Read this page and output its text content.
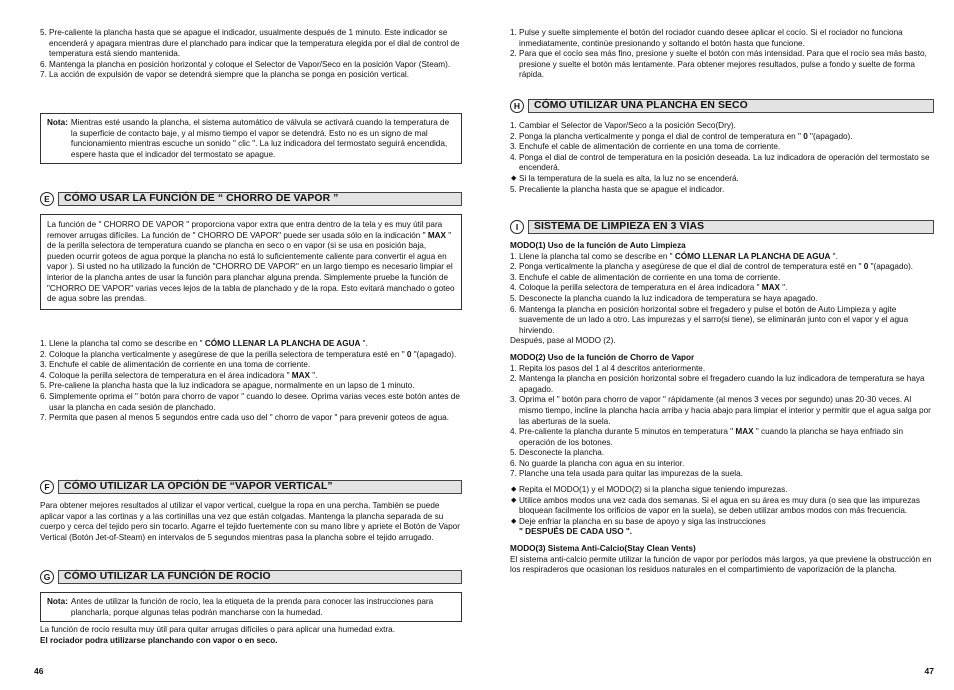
5. Pre-caliente la plancha hasta que se apague el indicador, usualmente después de 1 minuto. Este indicador se encenderá y apagara mientras dure el planchado para indicar que la temperatura elegida por el dial de control de temperatura está siendo mantenida.
6. Mantenga la plancha en posición horizontal y coloque el Selector de Vapor/Seco en la posición Vapor (Steam).
7. La acción de expulsión de vapor se detendrá siempre que la plancha se ponga en posición vertical.
Nota: Mientras esté usando la plancha, el sistema automático de válvula se activará cuando la temperatura de la superficie de contacto baje, y al mismo tiempo el vapor se detendrá. Esto no es un signo de mal funcionamiento mientras escuche un sonido " clic ". La luz indicadora del termostato seguirá encendida, espere hasta que el indicador del termostato se apague.
E	CÓMO USAR LA FUNCIÓN DE “ CHORRO DE VAPOR ”
La función de " CHORRO DE VAPOR " proporciona vapor extra que entra dentro de la tela y es muy útil para remover arrugas difíciles. La función de " CHORRO DE VAPOR" puede ser usada sólo en la indicación " MAX " de la perilla selectora de temperatura cuando se plancha en seco o en vapor (si se usa en posición baja, pueden ocurrir goteos de agua porque la plancha no está lo suficientemente caliente para convertir el agua en vapor ). Si usted no ha utilizado la función de "CHORRO DE VAPOR" en un largo tiempo es necesario limpiar el interior de la plancha antes de usar la función para planchar alguna prenda. Simplemente pruebe la función de "CHORRO DE VAPOR" varias veces lejos de la tabla de planchado y de la ropa. Esto evitará manchado o goteo de agua sobre las prendas.
1. Llene la plancha tal como se describe en " CÓMO LLENAR LA PLANCHA DE AGUA ".
2. Coloque la plancha verticalmente y asegúrese de que la perilla selectora de temperatura esté en " 0 "(apagado).
3. Enchufe el cable de alimentación de corriente en una toma de corriente.
4. Coloque la perilla selectora de temperatura en el área indicadora " MAX ".
5. Pre-caliene la plancha hasta que la luz indicadora se apague, normalmente en un lapso de 1 minuto.
6. Simplemente oprima el " botón para chorro de vapor " cuando lo desee. Oprima varias veces este botón antes de usar la plancha en cada sesión de planchado.
7. Permita que pasen al menos 5 segundos entre cada uso del " chorro de vapor " para prevenir goteos de agua.
F	CÓMO UTILIZAR LA OPCIÓN DE “VAPOR VERTICAL”
Para obtener mejores resultados al utilizar el vapor vertical, cuelgue la ropa en una percha. También se puede aplicar vapor a las cortinas y a las cortinillas una vez que están colgadas. Mantenga la plancha separada de su cuerpo y cerca del tejido pero sin tocarlo. Agarre el tejido fuertemente con su mano libre y apriete el Botón de Vapor Vertical (Botón Jet-of-Steam) en intervalos de 5 segundos mientras pasa la plancha sobre el tejido arrugado.
G	CÓMO UTILIZAR LA FUNCIÓN DE ROCÍO
Nota: Antes de utilizar la función de rocío, lea la etiqueta de la prenda para conocer las instrucciones para plancharla, porque algunas telas podrán mancharse con la humedad.
La función de rocío resulta muy útil para quitar arrugas difíciles o para aplicar una humedad extra.
El rociador podra utilizarse planchando con vapor o en seco.
46
1. Pulse y suelte simplemente el botón del rociador cuando desee aplicar el cocío. Si el rociador no funciona inmediatamente, continúe presionando y soltando el botón hasta que funcione.
2. Para que el cocío sea más fino, presione y suelte el botón con más intensidad. Para que el rocío sea más basto, presione y suelte el botón más lentamente. Para obtener mejores resultados, pulse a fondo y suelte de forma rápida.
H	CÓMO UTILIZAR UNA PLANCHA EN SECO
1. Cambiar el Selector de Vapor/Seco a la posición Seco(Dry).
2. Ponga la plancha verticalmente y ponga el dial de control de temperatura en " 0 "(apagado).
3. Enchufe el cable de alimentación de corriente en una toma de corriente.
4. Ponga el dial de control de temperatura en la posición deseada. La luz indicadora de operación del termostato se encenderá.
◆ Si la temperatura de la suela es alta, la luz no se encenderá.
5. Precaliente la plancha hasta que se apague el indicador.
I	SISTEMA DE LIMPIEZA EN 3 VÍAS
MODO(1) Uso de la función de Auto Limpieza
1. Llene la plancha tal como se describe en " CÓMO LLENAR LA PLANCHA DE AGUA ".
2. Ponga verticalmente la plancha y asegúrese de que el dial de control de temperatura esté en " 0 "(apagado).
3. Enchufe el cable de alimentación de corriente en una toma de corriente.
4. Coloque la perilla selectora de temperatura en el área indicadora " MAX ".
5. Desconecte la plancha cuando la luz indicadora de temperatura se haya apagado.
6. Mantenga la plancha en posición horizontal sobre el fregadero y pulse el botón de Auto Limpieza y agite suavemente de un lado a otro. Las impurezas y el sarro(si tiene), se eliminarán junto con el vapor y el agua hirviendo.
Después, pase al MODO (2).
MODO(2) Uso de la función de Chorro de Vapor
1. Repita los pasos del 1 al 4 descritos anteriormente.
2. Mantenga la plancha en posición horizontal sobre el fregadero cuando la luz indicadora de temperatura se haya apagado.
3. Oprima el " botón para chorro de vapor " rápidamente (al menos 3 veces por segundo) unas 20-30 veces. Al mismo tiempo, incline la plancha hacia arriba y hacia abajo para limpiar el interior y permitir que el agua salga por las aberturas de la suela.
4. Pre-caliente la plancha durante 5 minutos en temperatura " MAX " cuando la plancha se haya enfriado sin operación de los botones.
5. Desconecte la plancha.
6. No guarde la plancha con agua en su interior.
7. Planche una tela usada para quitar las impurezas de la suela.
◆ Repita el MODO(1) y el MODO(2) si la plancha sigue teniendo impurezas.
◆ Utilice ambos modos una vez cada dos semanas. Si el agua en su área es muy dura (o sea que las impurezas bloquean facilmente los orificios de vapor en la suela), se deben utilizar ambos modos con más frecuencia.
◆ Deje enfriar la plancha en su base de apoyo y siga las instrucciones
" DESPUÉS DE CADA USO ".
MODO(3) Sistema Anti-Calcio(Stay Clean Vents)
El sistema anti-calcio permite utilizar la función de vapor por períodos más largos, ya que previene la obstrucción en los respiraderos que ocasionan los residuos naturales en el compartimiento de vaporización de la plancha.
47
